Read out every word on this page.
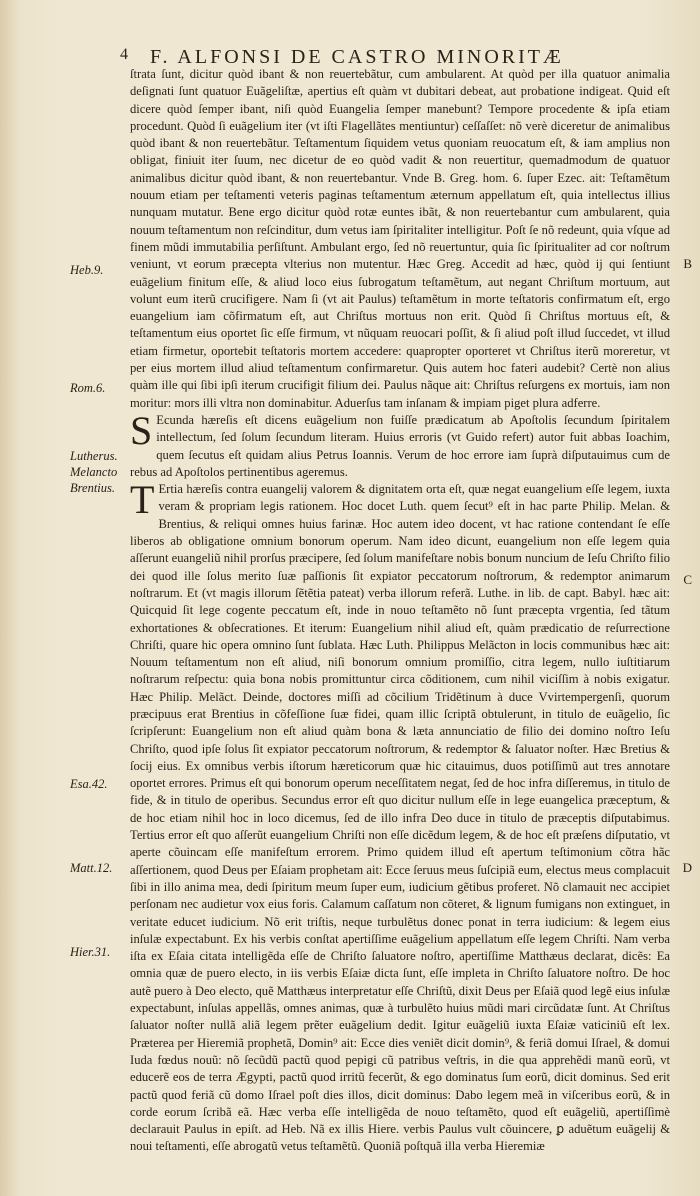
4 F. ALFONSI DE CASTRO MINORITÆ
Heb.9.
Rom.6.
Lutherus.
Melancto
Brentius.
Esa.42.
Matt.12.
Hier.31.
B
C
D

ſtrata ſunt, dicitur quòd ibant & non reuertebãtur, cum ambularent. At quòd per illa quatuor animalia deſignati ſunt quatuor Euãgeliſtæ, apertius eſt quàm vt dubitari debeat, aut probatione indigeat. Quid eſt dicere quòd ſemper ibant, niſi quòd Euangelia ſemper manebunt? Tempore procedente & ipſa etiam procedunt. Quòd ſi euãgelium iter (vt iſti Flagellãtes mentiuntur) ceſſaſſet: nõ verè diceretur de animalibus quòd ibant & non reuertebãtur. Teſtamentum ſiquidem vetus quoniam reuocatum eſt, & iam amplius non obligat, finiuit iter ſuum, nec dicetur de eo quòd vadit & non reuertitur, quemadmodum de quatuor animalibus dicitur quòd ibant, & non reuertebantur. Vnde B. Greg. hom. 6. ſuper Ezec. ait: Teſtamẽtum nouum etiam per teſtamenti veteris paginas teſtamentum æternum appellatum eſt, quia intellectus illius nunquam mutatur. Bene ergo dicitur quòd rotæ euntes ibãt, & non reuertebantur cum ambularent, quia nouum teſtamentum non reſcinditur, dum vetus iam ſpiritaliter intelligitur. Poſt ſe nõ redeunt, quia vſque ad finem mũdi immutabilia perſiſtunt. Ambulant ergo, ſed nõ reuertuntur, quia ſic ſpiritualiter ad cor noſtrum veniunt, vt eorum præcepta vlterius non mutentur. Hæc Greg. Accedit ad hæc, quòd ij qui ſentiunt euãgelium finitum eſſe, & aliud loco eius ſubrogatum teſtamẽtum, aut negant Chriſtum mortuum, aut volunt eum iterũ crucifigere. Nam ſi (vt ait Paulus) teſtamẽtum in morte teſtatoris confirmatum eſt, ergo euangelium iam cõfirmatum eſt, aut Chriſtus mortuus non erit. Quòd ſi Chriſtus mortuus eſt, & teſtamentum eius oportet ſic eſſe firmum, vt nũquam reuocari poſſit, & ſi aliud poſt illud ſuccedet, vt illud etiam firmetur, oportebit teſtatoris mortem accedere: quapropter oporteret vt Chriſtus iterũ moreretur, vt per eius mortem illud aliud teſtamentum confirmaretur. Quis autem hoc fateri audebit? Certè non alius quàm ille qui ſibi ipſi iterum crucifigit filium dei. Paulus nãque ait: Chriſtus reſurgens ex mortuis, iam non moritur: mors illi vltra non dominabitur. Aduerſus tam inſanam & impiam piget plura adferre.

S Ecunda hæreſis eſt dicens euãgelium non fuiſſe prædicatum ab Apoſtolis ſecundum ſpiritalem intellectum, ſed ſolum ſecundum literam. Huius erroris (vt Guido refert) autor fuit abbas Ioachim, quem ſecutus eſt quidam alius Petrus Ioannis. Verum de hoc errore iam ſuprà diſputauimus cum de rebus ad Apoſtolos pertinentibus ageremus.

T Ertia hæreſis contra euangelij valorem & dignitatem orta eſt, quæ negat euangelium eſſe legem, iuxta veram & propriam legis rationem. Hoc docet Luth. quem ſecut⁹ eſt in hac parte Philip. Melan. & Brentius, & reliqui omnes huius farinæ. Hoc autem ideo docent, vt hac ratione contendant ſe eſſe liberos ab obligatione omnium bonorum operum. Nam ideo dicunt, euangelium non eſſe legem quia aſſerunt euangeliũ nihil prorſus præcipere, ſed ſolum manifeſtare nobis bonum nuncium de Ieſu Chriſto filio dei quod ille ſolus merito ſuæ paſſionis ſit expiator peccatorum noſtrorum, & redemptor animarum noſtrarum. Et (vt magis illorum ſẽtẽtia pateat) verba illorum referã. Luthe. in lib. de capt. Babyl. hæc ait: Quicquid ſit lege cogente peccatum eſt, inde in nouo teſtamẽto nõ ſunt præcepta vrgentia, ſed tãtum exhortationes & obſecrationes. Et iterum: Euangelium nihil aliud eſt, quàm prædicatio de reſurrectione Chriſti, quare hic opera omnino ſunt ſublata. Hæc Luth. Philippus Melãcton in locis communibus hæc ait: Nouum teſtamentum non eſt aliud, niſi bonorum omnium promiſſio, citra legem, nullo iuſtitiarum noſtrarum reſpectu: quia bona nobis promittuntur circa cõditionem, cum nihil viciſſim à nobis exigatur. Hæc Philip. Melãct. Deinde, doctores miſſi ad cõcilium Tridẽtinum à duce Vvirtempergenſi, quorum præcipuus erat Brentius in cõfeſſione ſuæ fidei, quam illic ſcriptã obtulerunt, in titulo de euãgelio, ſic ſcripſerunt: Euangelium non eſt aliud quàm bona & læta annunciatio de filio dei domino noſtro Ieſu Chriſto, quod ipſe ſolus ſit expiator peccatorum noſtrorum, & redemptor & ſaluator noſter. Hæc Bretius & ſocij eius. Ex omnibus verbis iſtorum hæreticorum quæ hic citauimus, duos potiſſimũ aut tres annotare oportet errores. Primus eſt qui bonorum operum neceſſitatem negat, ſed de hoc infra diſſeremus, in titulo de fide, & in titulo de operibus. Secundus error eſt quo dicitur nullum eſſe in lege euangelica præceptum, & de hoc etiam nihil hoc in loco dicemus, ſed de illo infra Deo duce in titulo de præceptis diſputabimus. Tertius error eſt quo aſſerũt euangelium Chriſti non eſſe dicẽdum legem, & de hoc eſt præſens diſputatio, vt aperte cõuincam eſſe manifeſtum errorem. Primo quidem illud eſt apertum teſtimonium cõtra hãc aſſertionem, quod Deus per Eſaiam prophetam ait: Ecce ſeruus meus ſuſcipiã eum, electus meus complacuit ſibi in illo anima mea, dedi ſpiritum meum ſuper eum, iudicium gẽtibus proferet. Nõ clamauit nec accipiet perſonam nec audietur vox eius foris. Calamum caſſatum non cõteret, & lignum fumigans non extinguet, in veritate educet iudicium. Nõ erit triſtis, neque turbulẽtus donec ponat in terra iudicium: & legem eius inſulæ expectabunt. Ex his verbis conſtat apertiſſime euãgelium appellatum eſſe legem Chriſti. Nam verba iſta ex Eſaia citata intelligẽda eſſe de Chriſto ſaluatore noſtro, apertiſſime Matthæus declarat, dicẽs: Ea omnia quæ de puero electo, in iis verbis Eſaiæ dicta ſunt, eſſe impleta in Chriſto ſaluatore noſtro. De hoc autẽ puero à Deo electo, quẽ Matthæus interpretatur eſſe Chriſtũ, dixit Deus per Eſaiã quod legẽ eius inſulæ expectabunt, inſulas appellãs, omnes animas, quæ à turbulẽto huius mũdi mari circũdatæ ſunt. At Chriſtus ſaluator noſter nullã aliã legem prẽter euãgelium dedit. Igitur euãgeliũ iuxta Eſaiæ vaticiniũ eſt lex. Præterea per Hieremiã prophetã, Domin⁹ ait: Ecce dies veniẽt dicit domin⁹, & feriã domui Iſrael, & domui Iuda fœdus nouũ: nõ ſecũdũ pactũ quod pepigi cũ patribus veſtris, in die qua apprehẽdi manũ eorũ, vt educerẽ eos de terra Ægypti, pactũ quod irritũ fecerũt, & ego dominatus ſum eorũ, dicit dominus. Sed erit pactũ quod feriã cũ domo Iſrael poſt dies illos, dicit dominus: Dabo legem meã in viſceribus eorũ, & in corde eorum ſcribã eã. Hæc verba eſſe intelligẽda de nouo teſtamẽto, quod eſt euãgeliũ, apertiſſimè declarauit Paulus in epiſt. ad Heb. Nã ex illis Hiere. verbis Paulus vult cõuincere, ꝑ aduẽtum euãgelij & noui teſtamenti, eſſe abrogatũ vetus teſtamẽtũ. Quoniã poſtquã illa verba Hieremiæ
